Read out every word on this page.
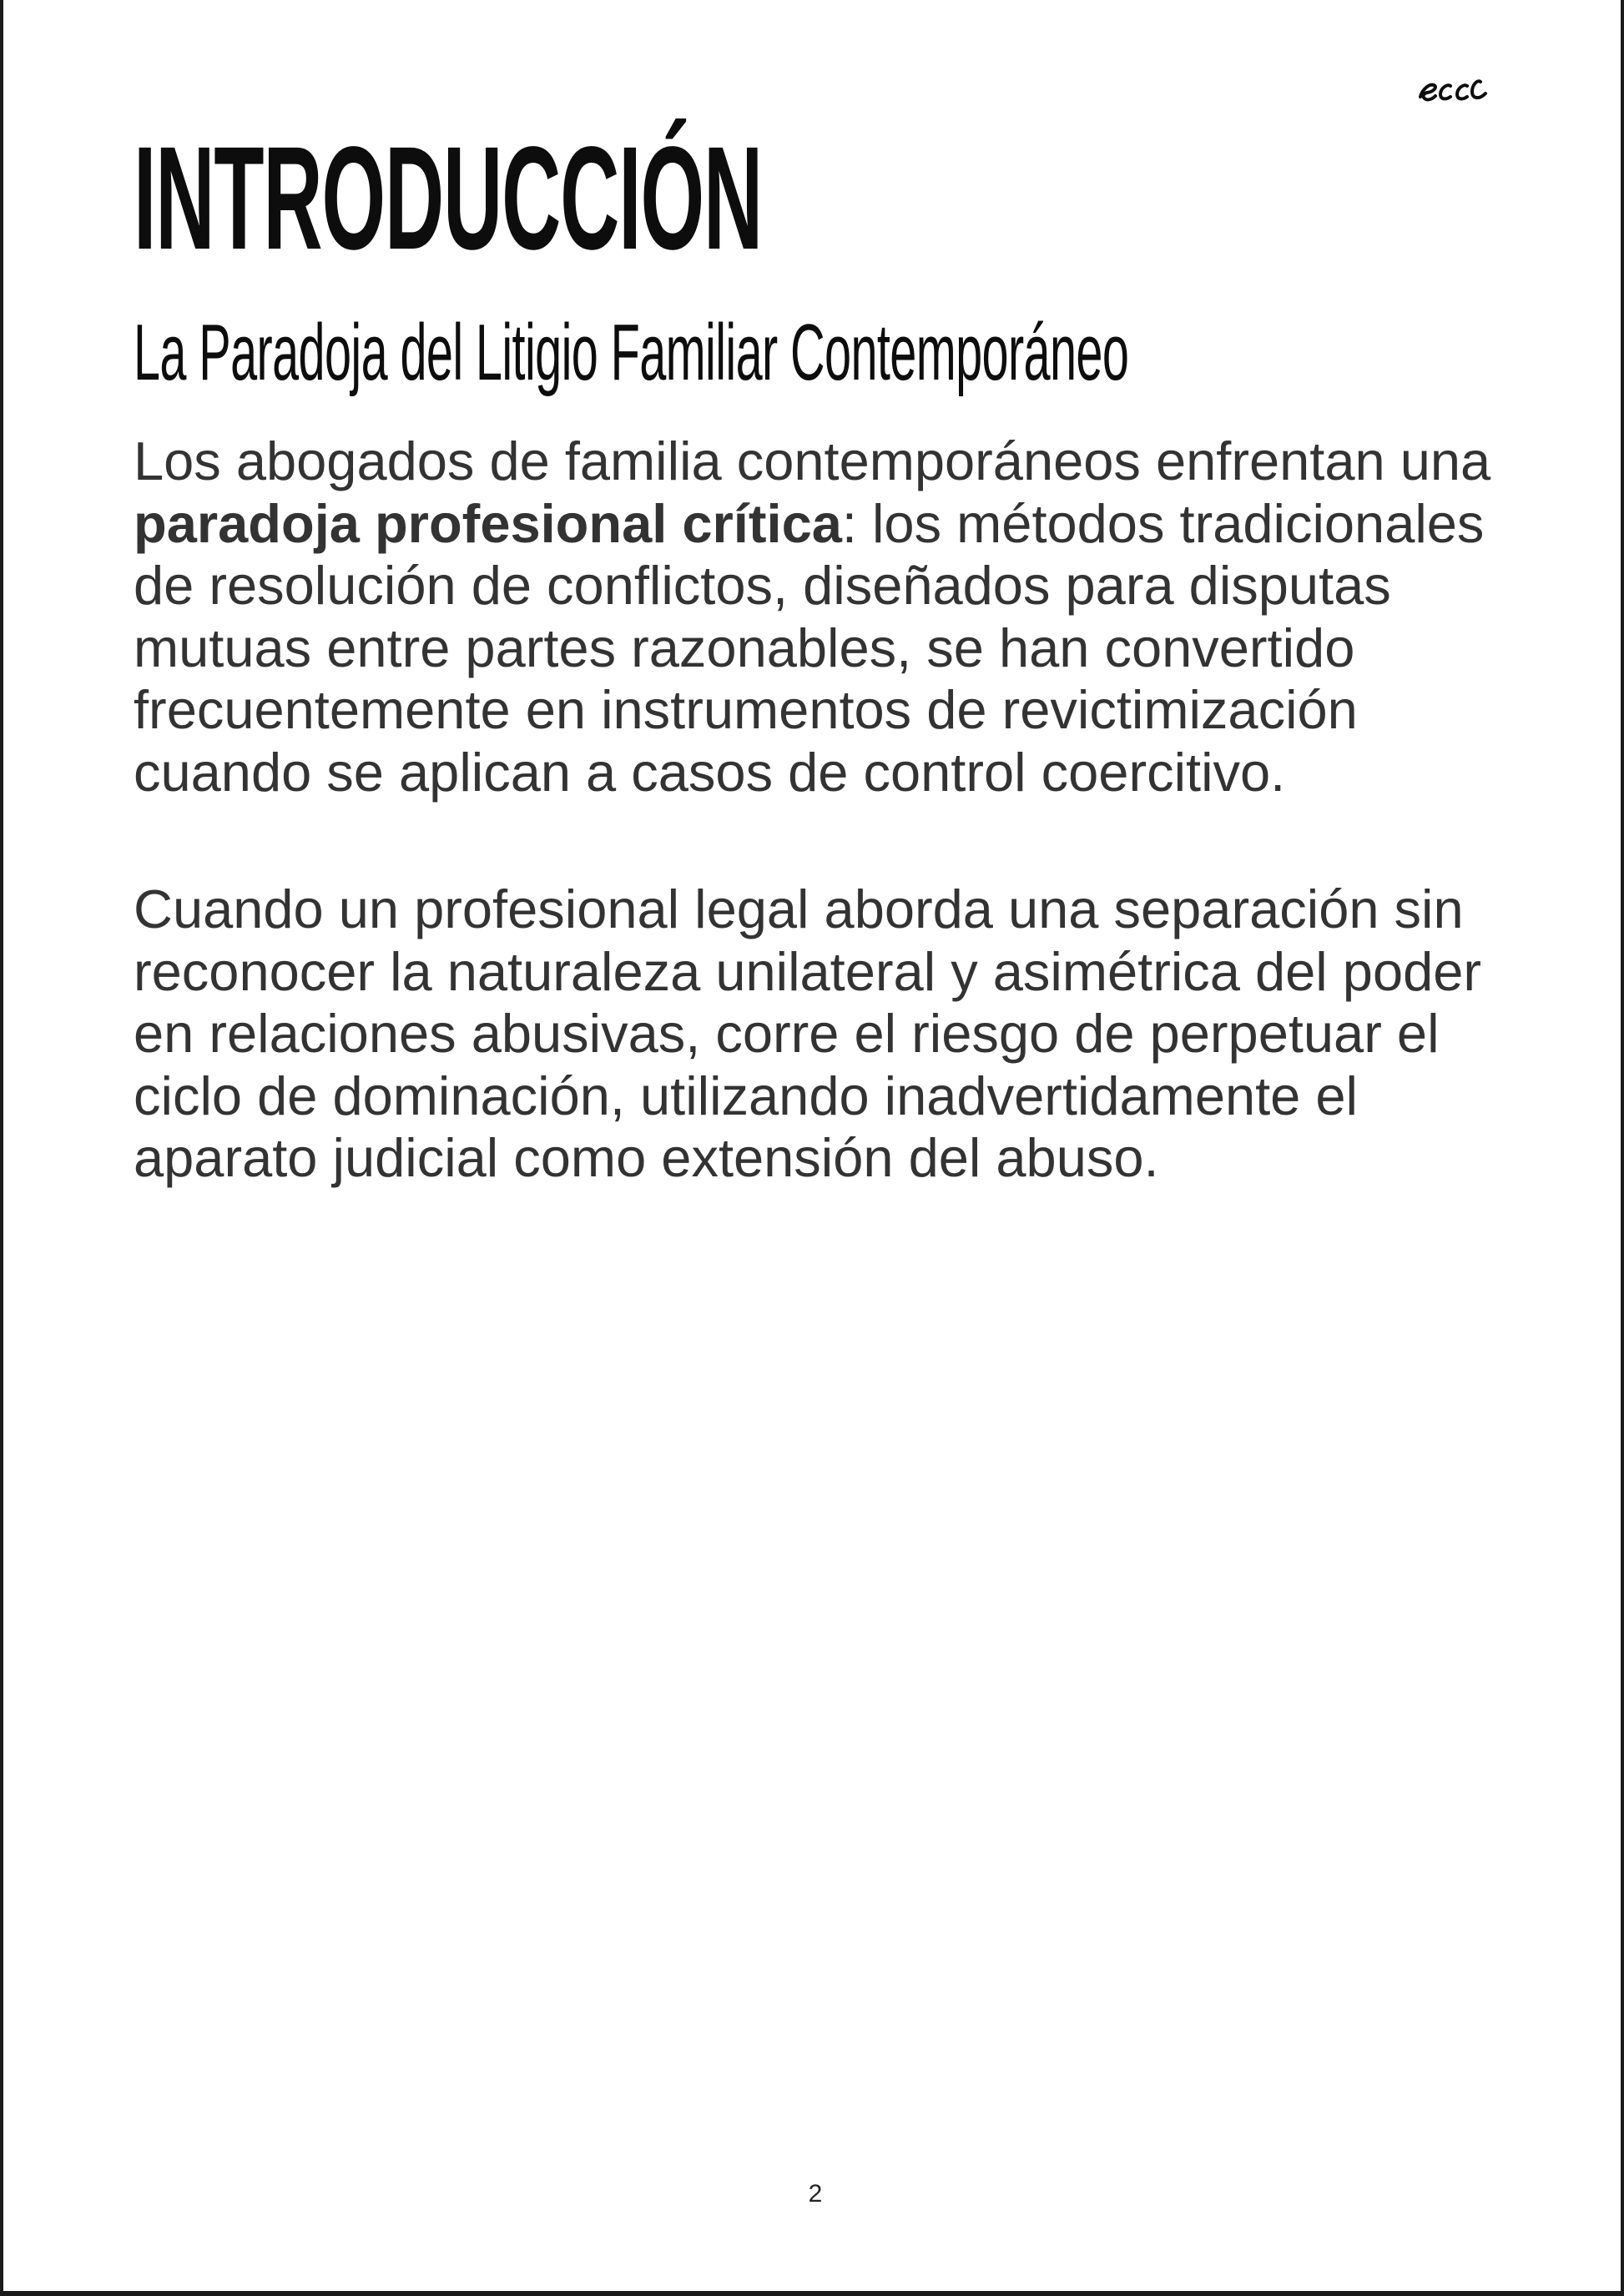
INTRODUCCIÓN
La Paradoja del Litigio Familiar Contemporáneo

Los abogados de familia contemporáneos enfrentan una paradoja profesional crítica: los métodos tradicionales de resolución de conflictos, diseñados para disputas mutuas entre partes razonables, se han convertido frecuentemente en instrumentos de revictimización cuando se aplican a casos de control coercitivo.

Cuando un profesional legal aborda una separación sin reconocer la naturaleza unilateral y asimétrica del poder en relaciones abusivas, corre el riesgo de perpetuar el ciclo de dominación, utilizando inadvertidamente el aparato judicial como extensión del abuso.

2
